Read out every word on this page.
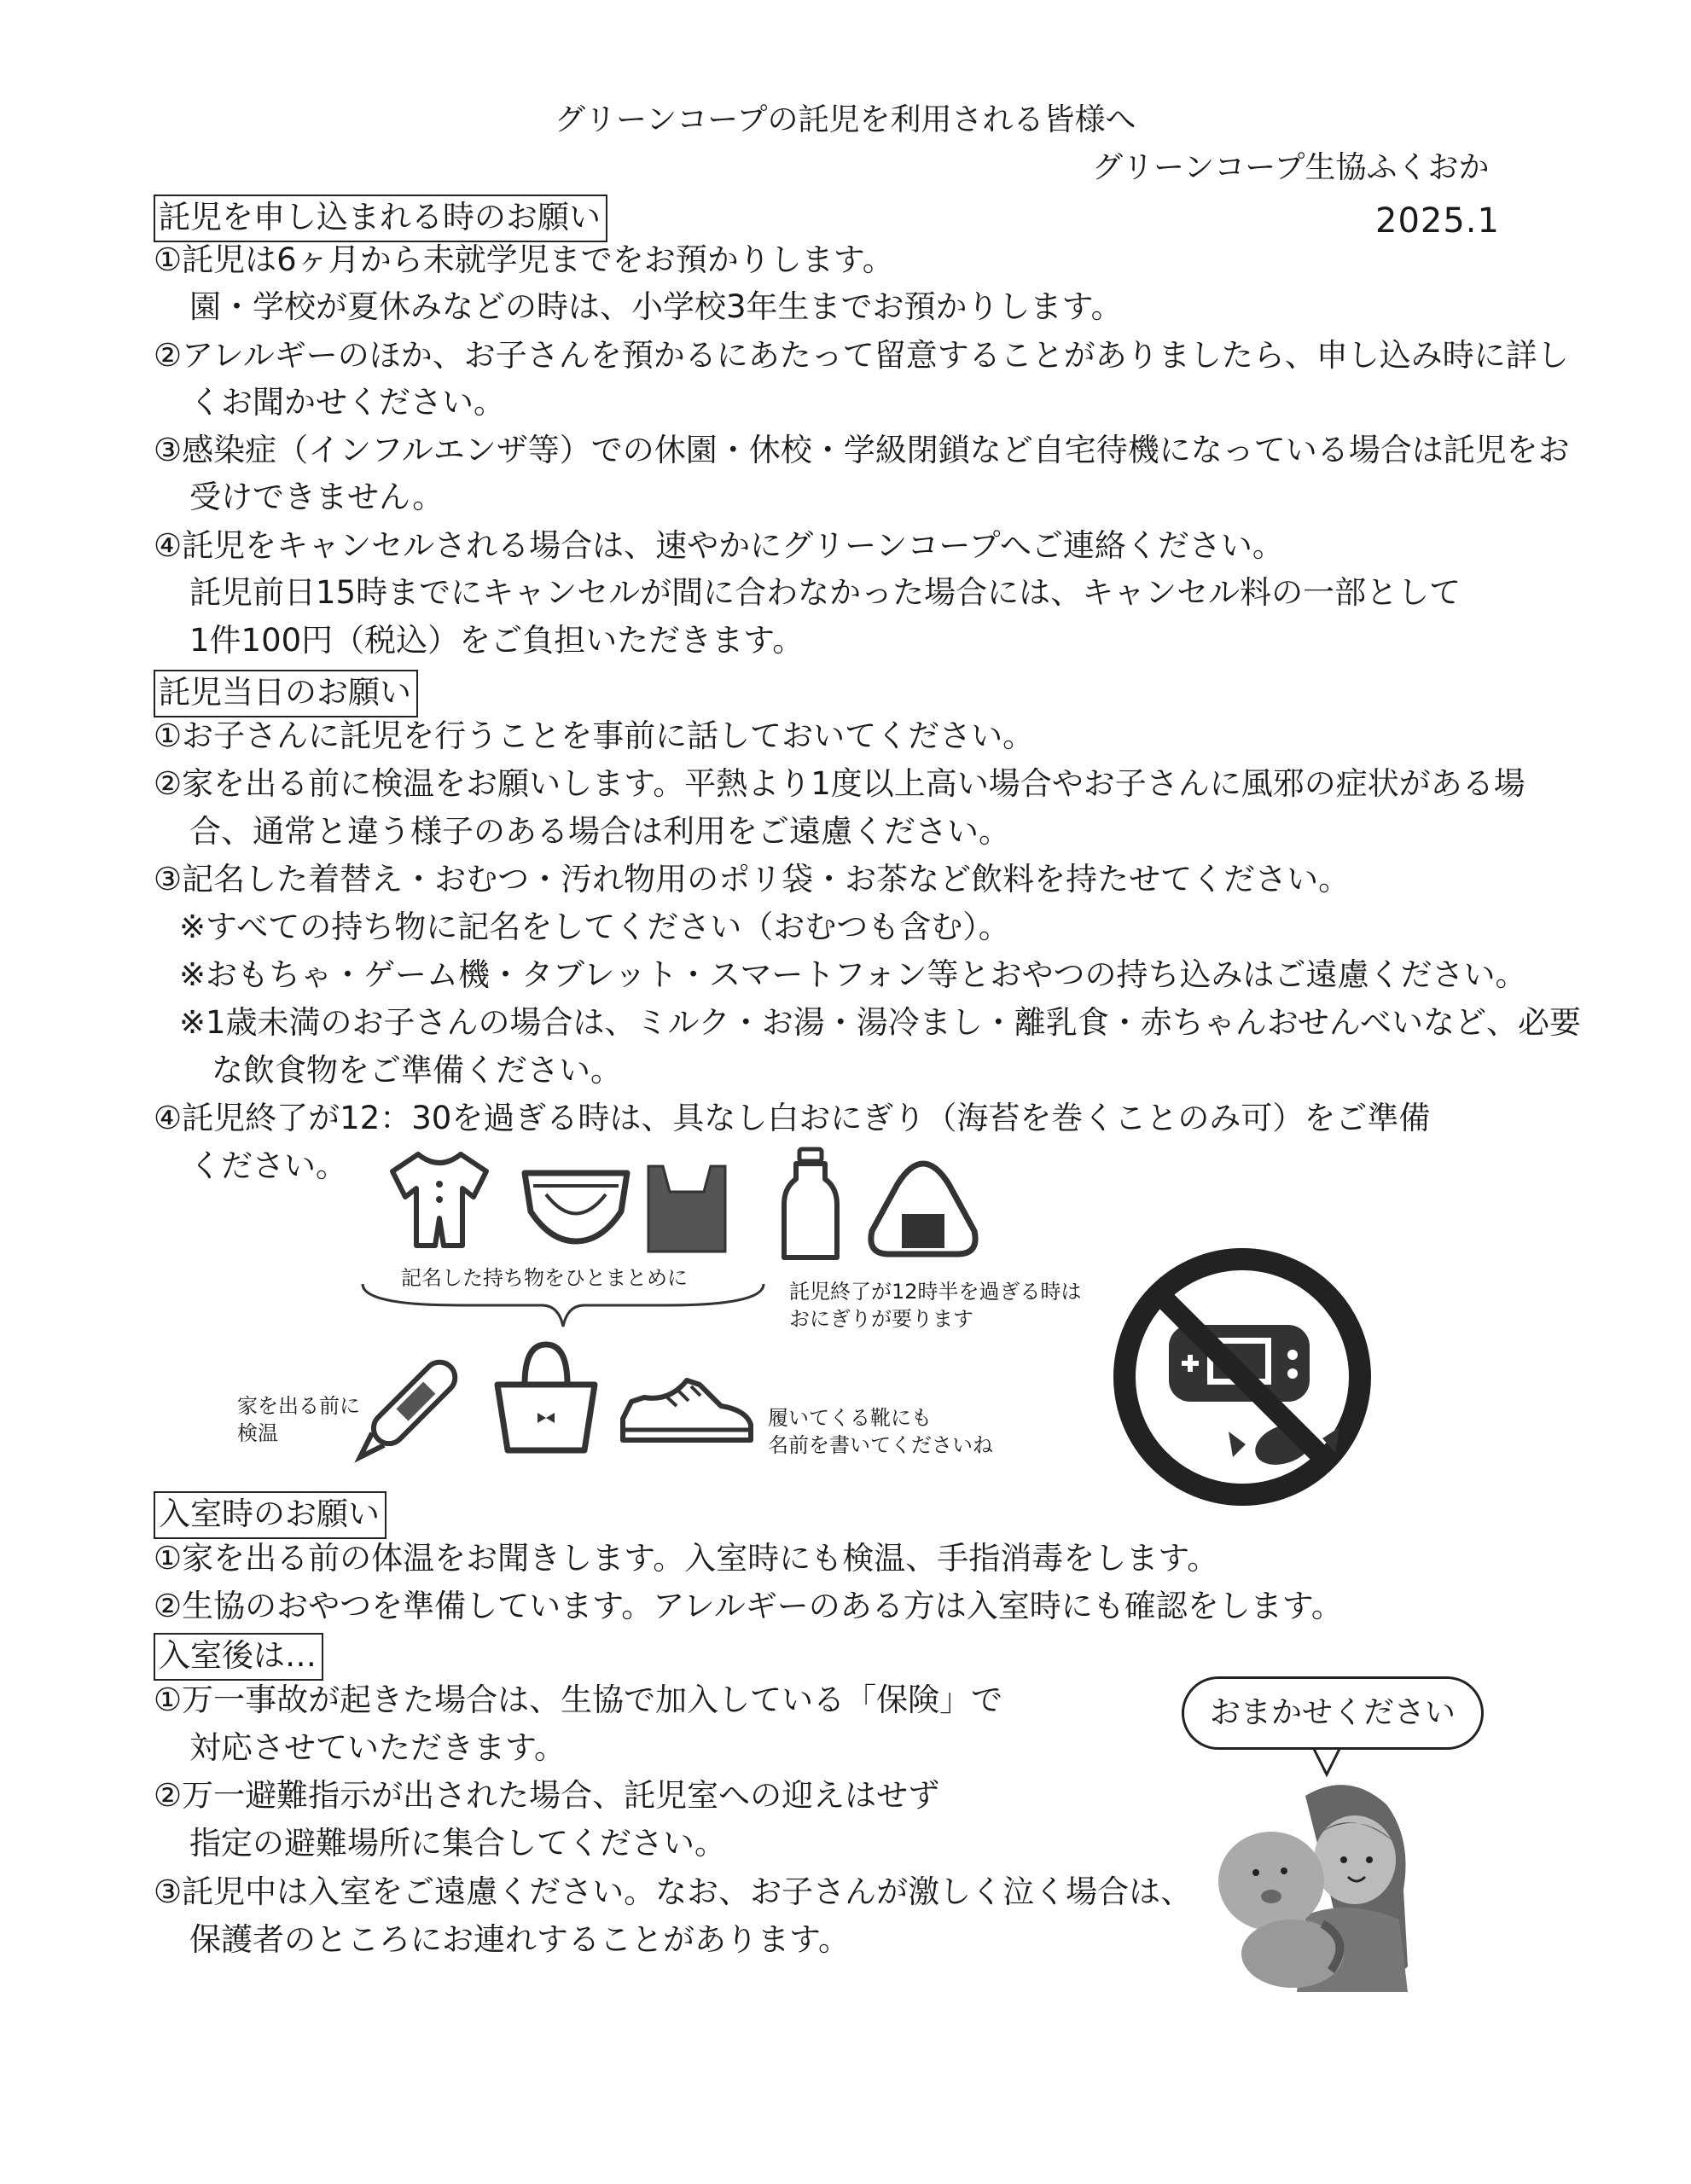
グリーンコープの託児を利用される皆様へ
グリーンコープ生協ふくおか
2025.1
託児を申し込まれる時のお願い
①託児は6ヶ月から未就学児までをお預かりします。
園・学校が夏休みなどの時は、小学校3年生までお預かりします。
②アレルギーのほか、お子さんを預かるにあたって留意することがありましたら、申し込み時に詳し
くお聞かせください。
③感染症（インフルエンザ等）での休園・休校・学級閉鎖など自宅待機になっている場合は託児をお
受けできません。
④託児をキャンセルされる場合は、速やかにグリーンコープへご連絡ください。
託児前日15時までにキャンセルが間に合わなかった場合には、キャンセル料の一部として
1件100円（税込）をご負担いただきます。
託児当日のお願い
①お子さんに託児を行うことを事前に話しておいてください。
②家を出る前に検温をお願いします。平熱より1度以上高い場合やお子さんに風邪の症状がある場
合、通常と違う様子のある場合は利用をご遠慮ください。
③記名した着替え・おむつ・汚れ物用のポリ袋・お茶など飲料を持たせてください。
※すべての持ち物に記名をしてください（おむつも含む）。
※おもちゃ・ゲーム機・タブレット・スマートフォン等とおやつの持ち込みはご遠慮ください。
※1歳未満のお子さんの場合は、ミルク・お湯・湯冷まし・離乳食・赤ちゃんおせんべいなど、必要
な飲食物をご準備ください。
④託児終了が12：30を過ぎる時は、具なし白おにぎり（海苔を巻くことのみ可）をご準備
ください。
記名した持ち物をひとまとめに
託児終了が12時半を過ぎる時は
おにぎりが要ります
家を出る前に
検温
履いてくる靴にも
名前を書いてくださいね
入室時のお願い
①家を出る前の体温をお聞きします。入室時にも検温、手指消毒をします。
②生協のおやつを準備しています。アレルギーのある方は入室時にも確認をします。
入室後は…
①万一事故が起きた場合は、生協で加入している「保険」で
対応させていただきます。
②万一避難指示が出された場合、託児室への迎えはせず
指定の避難場所に集合してください。
③託児中は入室をご遠慮ください。なお、お子さんが激しく泣く場合は、
保護者のところにお連れすることがあります。
おまかせください
